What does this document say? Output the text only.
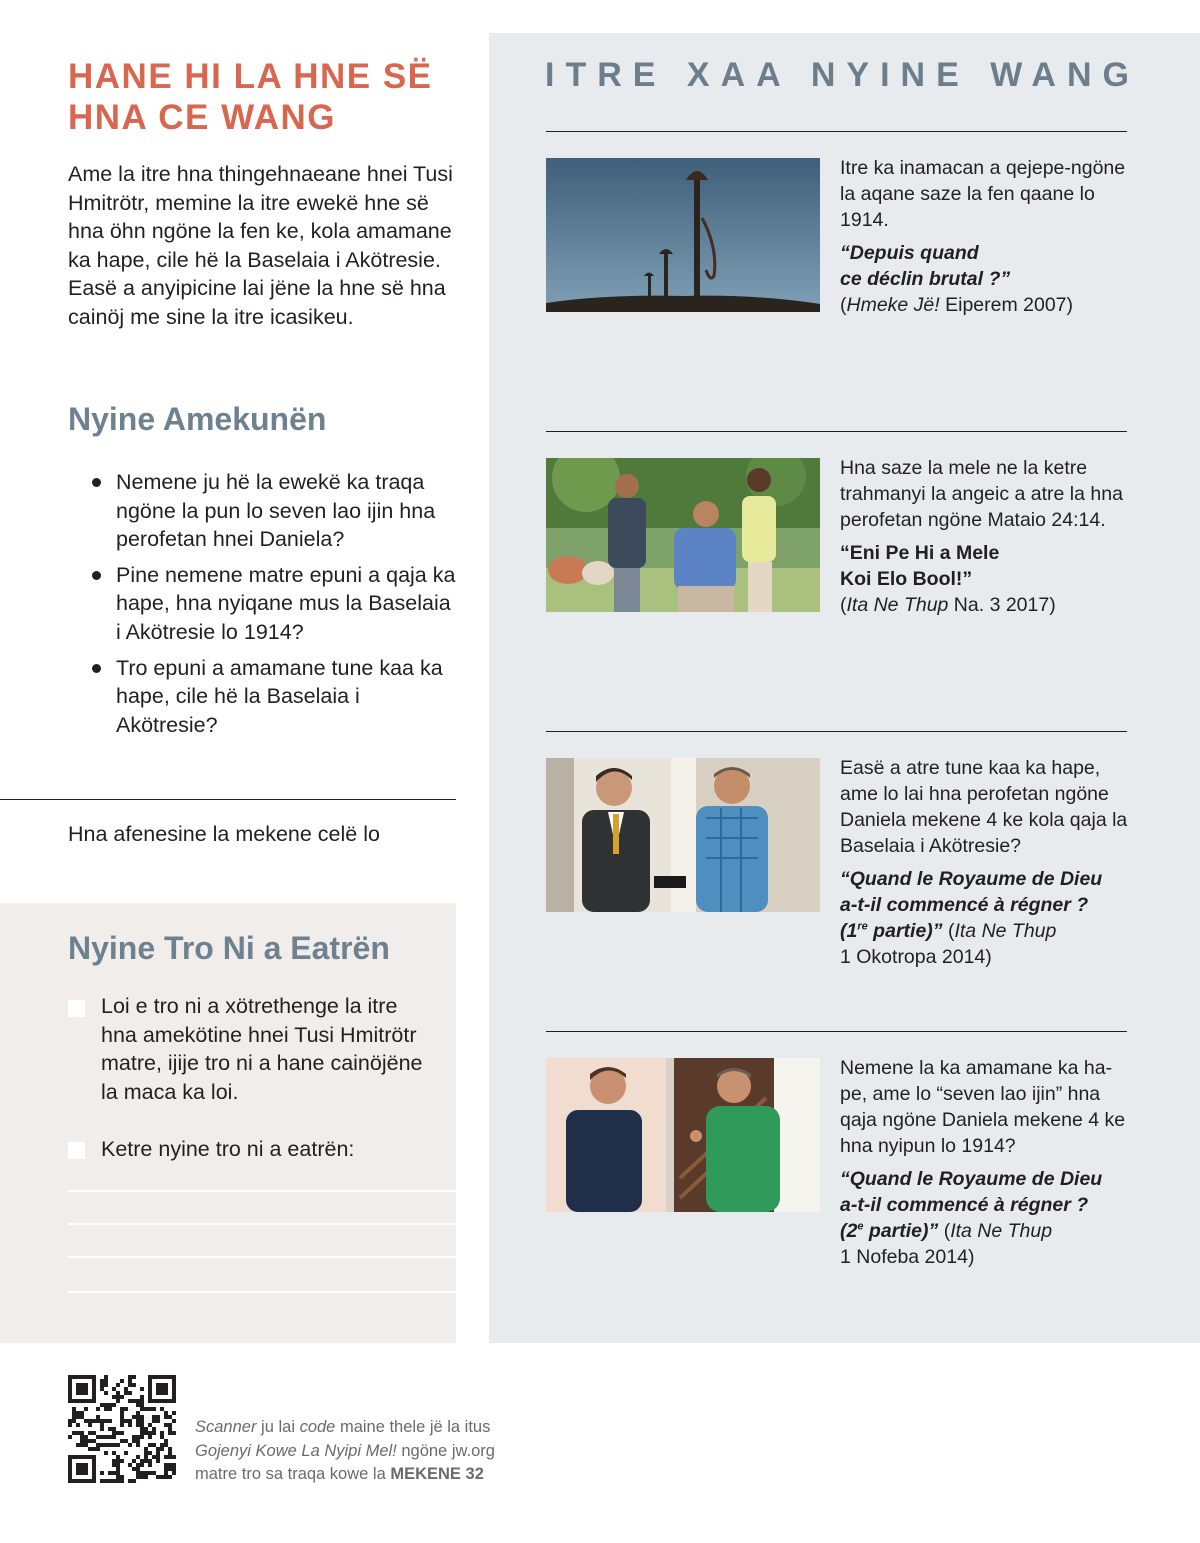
HANE HI LA HNE SË
HNA CE WANG

Ame la itre hna thingehnaeane hnei Tusi Hmitrötr, memine la itre ewekë hne së hna öhn ngöne la fen ke, kola amamane ka hape, cile hë la Baselaia i Akötresie. Easë a anyipicine lai jëne la hne së hna cainöj me sine la itre icasikeu.

Nyine Amekunën
Nemene ju hë la ewekë ka traqa ngöne la pun lo seven lao ijin hna perofetan hnei Daniela?
Pine nemene matre epuni a qaja ka hape, hna nyiqane mus la Baselaia i Akötresie lo 1914?
Tro epuni a amamane tune kaa ka hape, cile hë la Baselaia i Akötresie?
Hna afenesine la mekene celë lo
Nyine Tro Ni a Eatrën
Loi e tro ni a xötrethenge la itre hna amekötine hnei Tusi Hmitrötr matre, ijije tro ni a hane cainöjëne la maca ka loi.
Ketre nyine tro ni a eatrën:
ITRE XAA NYINE WANG

Itre ka inamacan a qejepe-ngöne la aqane saze la fen qaane lo 1914.

“Depuis quand
ce déclin brutal ?”

(Hmeke Jë! Eiperem 2007)

Hna saze la mele ne la ketre trahmanyi la angeic a atre la hna perofetan ngöne Mataio 24:14.

“Eni Pe Hi a Mele
Koi Elo Bool!”

(Ita Ne Thup Na. 3 2017)

Easë a atre tune kaa ka hape, ame lo lai hna perofetan ngöne Daniela mekene 4 ke kola qaja la Baselaia i Akötresie?

“Quand le Royaume de Dieu
a-t-il commencé à régner ?
(1re partie)” (Ita Ne Thup

1 Okotropa 2014)

Nemene la ka amamane ka ha-pe, ame lo “seven lao ijin” hna qaja ngöne Daniela mekene 4 ke hna nyipun lo 1914?

“Quand le Royaume de Dieu
a-t-il commencé à régner ?
(2e partie)” (Ita Ne Thup

1 Nofeba 2014)

Scanner ju lai code maine thele jë la itus
Gojenyi Kowe La Nyipi Mel! ngöne jw.org
matre tro sa traqa kowe la MEKENE 32
